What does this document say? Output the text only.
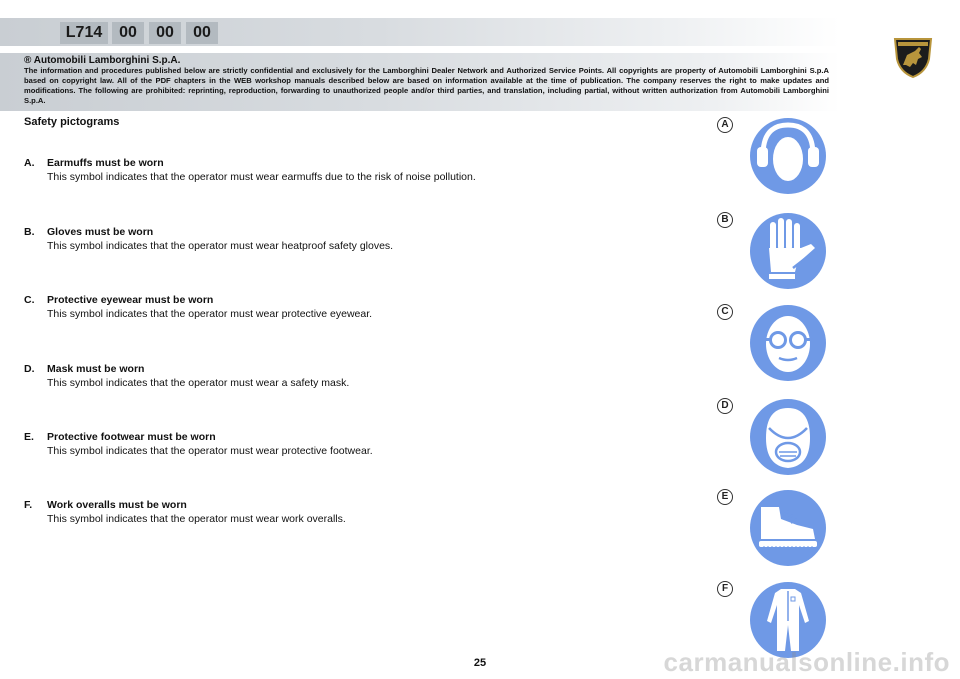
L714	00	00	00
® Automobili Lamborghini S.p.A.
The information and procedures published below are strictly confidential and exclusively for the Lamborghini Dealer Network and Authorized Service Points. All copyrights are property of Automobili Lamborghini S.p.A based on copyright law. All of the PDF chapters in the WEB workshop manuals described below are based on information available at the time of publication. The company reserves the right to make updates and modifications. The following are prohibited: reprinting, reproduction, forwarding to unauthorized people and/or third parties, and translation, including partial, without written authorization from Automobili Lamborghini S.p.A.
Safety pictograms
A. Earmuffs must be worn
This symbol indicates that the operator must wear earmuffs due to the risk of noise pollution.
B. Gloves must be worn
This symbol indicates that the operator must wear heatproof safety gloves.
C. Protective eyewear must be worn
This symbol indicates that the operator must wear protective eyewear.
D. Mask must be worn
This symbol indicates that the operator must wear a safety mask.
E. Protective footwear must be worn
This symbol indicates that the operator must wear protective footwear.
F. Work overalls must be worn
This symbol indicates that the operator must wear work overalls.
A
B
C
D
E
F
25	carmanualsonline.info
